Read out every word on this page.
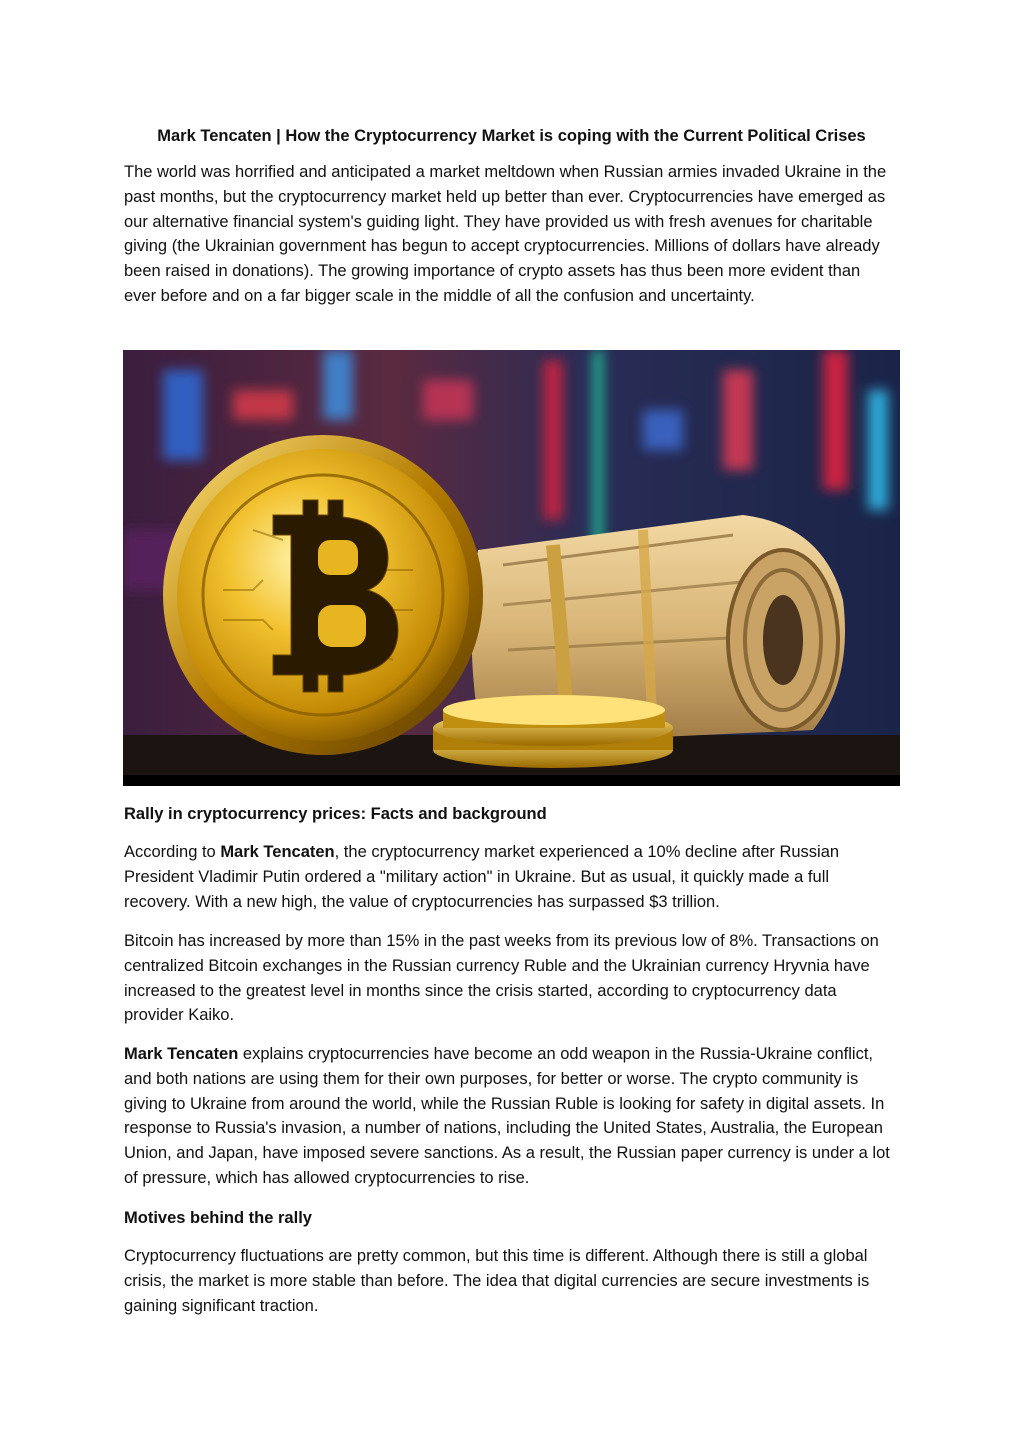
Mark Tencaten | How the Cryptocurrency Market is coping with the Current Political Crises

The world was horrified and anticipated a market meltdown when Russian armies invaded Ukraine in the past months, but the cryptocurrency market held up better than ever. Cryptocurrencies have emerged as our alternative financial system's guiding light. They have provided us with fresh avenues for charitable giving (the Ukrainian government has begun to accept cryptocurrencies. Millions of dollars have already been raised in donations). The growing importance of crypto assets has thus been more evident than ever before and on a far bigger scale in the middle of all the confusion and uncertainty.

Rally in cryptocurrency prices: Facts and background

According to Mark Tencaten, the cryptocurrency market experienced a 10% decline after Russian President Vladimir Putin ordered a "military action" in Ukraine. But as usual, it quickly made a full recovery. With a new high, the value of cryptocurrencies has surpassed $3 trillion.

Bitcoin has increased by more than 15% in the past weeks from its previous low of 8%. Transactions on centralized Bitcoin exchanges in the Russian currency Ruble and the Ukrainian currency Hryvnia have increased to the greatest level in months since the crisis started, according to cryptocurrency data provider Kaiko.

Mark Tencaten explains cryptocurrencies have become an odd weapon in the Russia-Ukraine conflict, and both nations are using them for their own purposes, for better or worse. The crypto community is giving to Ukraine from around the world, while the Russian Ruble is looking for safety in digital assets. In response to Russia's invasion, a number of nations, including the United States, Australia, the European Union, and Japan, have imposed severe sanctions. As a result, the Russian paper currency is under a lot of pressure, which has allowed cryptocurrencies to rise.

Motives behind the rally

Cryptocurrency fluctuations are pretty common, but this time is different. Although there is still a global crisis, the market is more stable than before. The idea that digital currencies are secure investments is gaining significant traction.
